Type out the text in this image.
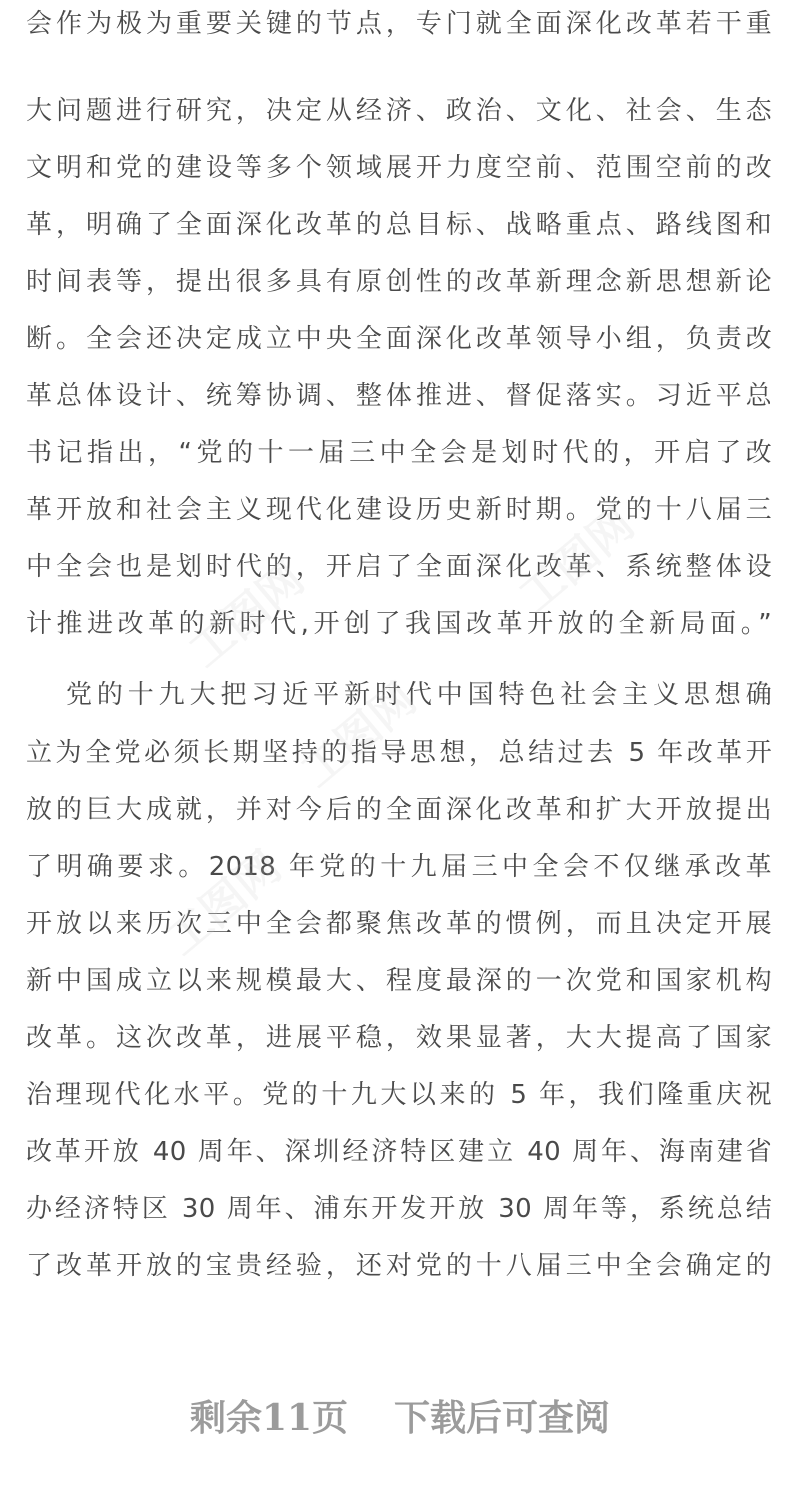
会作为极为重要关键的节点，专门就全面深化改革若干重
大问题进行研究，决定从经济、政治、文化、社会、生态
文明和党的建设等多个领域展开力度空前、范围空前的改
革，明确了全面深化改革的总目标、战略重点、路线图和
时间表等，提出很多具有原创性的改革新理念新思想新论
断。全会还决定成立中央全面深化改革领导小组，负责改
革总体设计、统筹协调、整体推进、督促落实。习近平总
书记指出，“党的十一届三中全会是划时代的，开启了改
革开放和社会主义现代化建设历史新时期。党的十八届三
中全会也是划时代的，开启了全面深化改革、系统整体设
计推进改革的新时代,开创了我国改革开放的全新局面。”
党的十九大把习近平新时代中国特色社会主义思想确
立为全党必须长期坚持的指导思想，总结过去 5 年改革开
放的巨大成就，并对今后的全面深化改革和扩大开放提出
了明确要求。2018 年党的十九届三中全会不仅继承改革
开放以来历次三中全会都聚焦改革的惯例，而且决定开展
新中国成立以来规模最大、程度最深的一次党和国家机构
改革。这次改革，进展平稳，效果显著，大大提高了国家
治理现代化水平。党的十九大以来的 5 年，我们隆重庆祝
改革开放 40 周年、深圳经济特区建立 40 周年、海南建省
办经济特区 30 周年、浦东开发开放 30 周年等，系统总结
了改革开放的宝贵经验，还对党的十八届三中全会确定的
工图网	工图网
工图网
工图网
剩余11页 下载后可查阅
